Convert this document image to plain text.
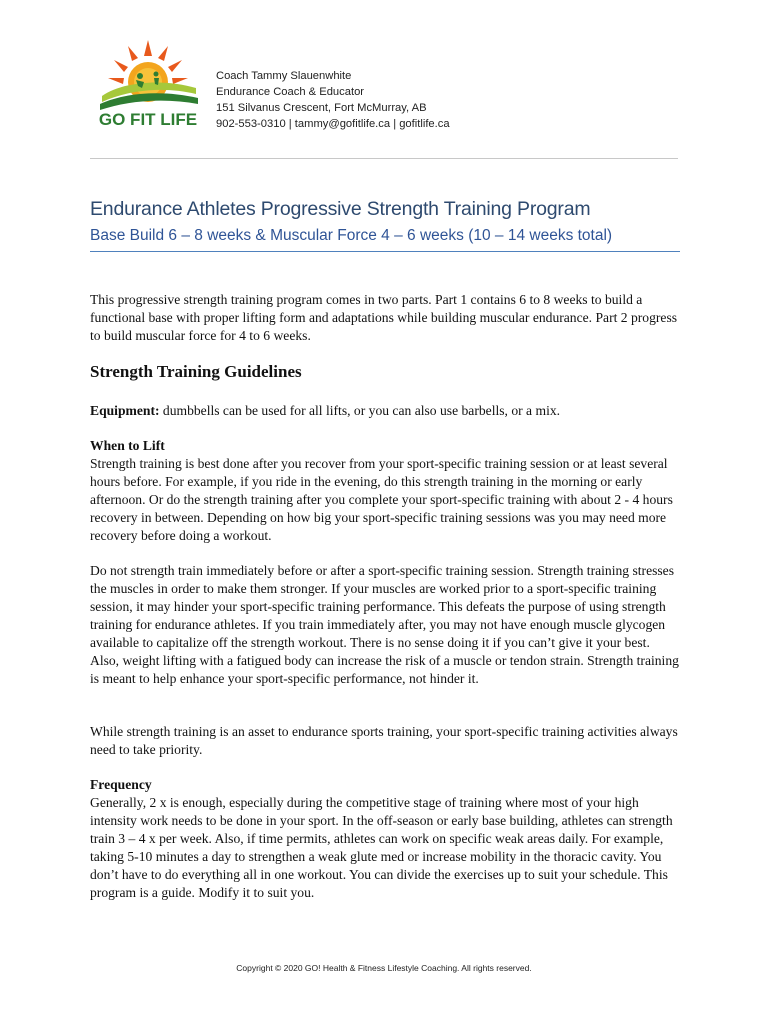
GO FIT LIFE
Coach Tammy Slauenwhite
Endurance Coach & Educator
151 Silvanus Crescent, Fort McMurray, AB
902-553-0310 | tammy@gofitlife.ca | gofitlife.ca
Endurance Athletes Progressive Strength Training Program
Base Build 6 – 8 weeks & Muscular Force 4 – 6 weeks (10 – 14 weeks total)

This progressive strength training program comes in two parts. Part 1 contains 6 to 8 weeks to build a functional base with proper lifting form and adaptations while building muscular endurance. Part 2 progress to build muscular force for 4 to 6 weeks.

Strength Training Guidelines

Equipment: dumbbells can be used for all lifts, or you can also use barbells, or a mix.

When to Lift

Strength training is best done after you recover from your sport-specific training session or at least several hours before. For example, if you ride in the evening, do this strength training in the morning or early afternoon. Or do the strength training after you complete your sport-specific training with about 2 - 4 hours recovery in between. Depending on how big your sport-specific training sessions was you may need more recovery before doing a workout.

Do not strength train immediately before or after a sport-specific training session. Strength training stresses the muscles in order to make them stronger. If your muscles are worked prior to a sport-specific training session, it may hinder your sport-specific training performance. This defeats the purpose of using strength training for endurance athletes. If you train immediately after, you may not have enough muscle glycogen available to capitalize off the strength workout. There is no sense doing it if you can’t give it your best. Also, weight lifting with a fatigued body can increase the risk of a muscle or tendon strain. Strength training is meant to help enhance your sport-specific performance, not hinder it.

While strength training is an asset to endurance sports training, your sport-specific training activities always need to take priority.

Frequency

Generally, 2 x is enough, especially during the competitive stage of training where most of your high intensity work needs to be done in your sport. In the off-season or early base building, athletes can strength train 3 – 4 x per week. Also, if time permits, athletes can work on specific weak areas daily. For example, taking 5-10 minutes a day to strengthen a weak glute med or increase mobility in the thoracic cavity. You don’t have to do everything all in one workout. You can divide the exercises up to suit your schedule. This program is a guide. Modify it to suit you.

Copyright © 2020 GO! Health & Fitness Lifestyle Coaching. All rights reserved.
